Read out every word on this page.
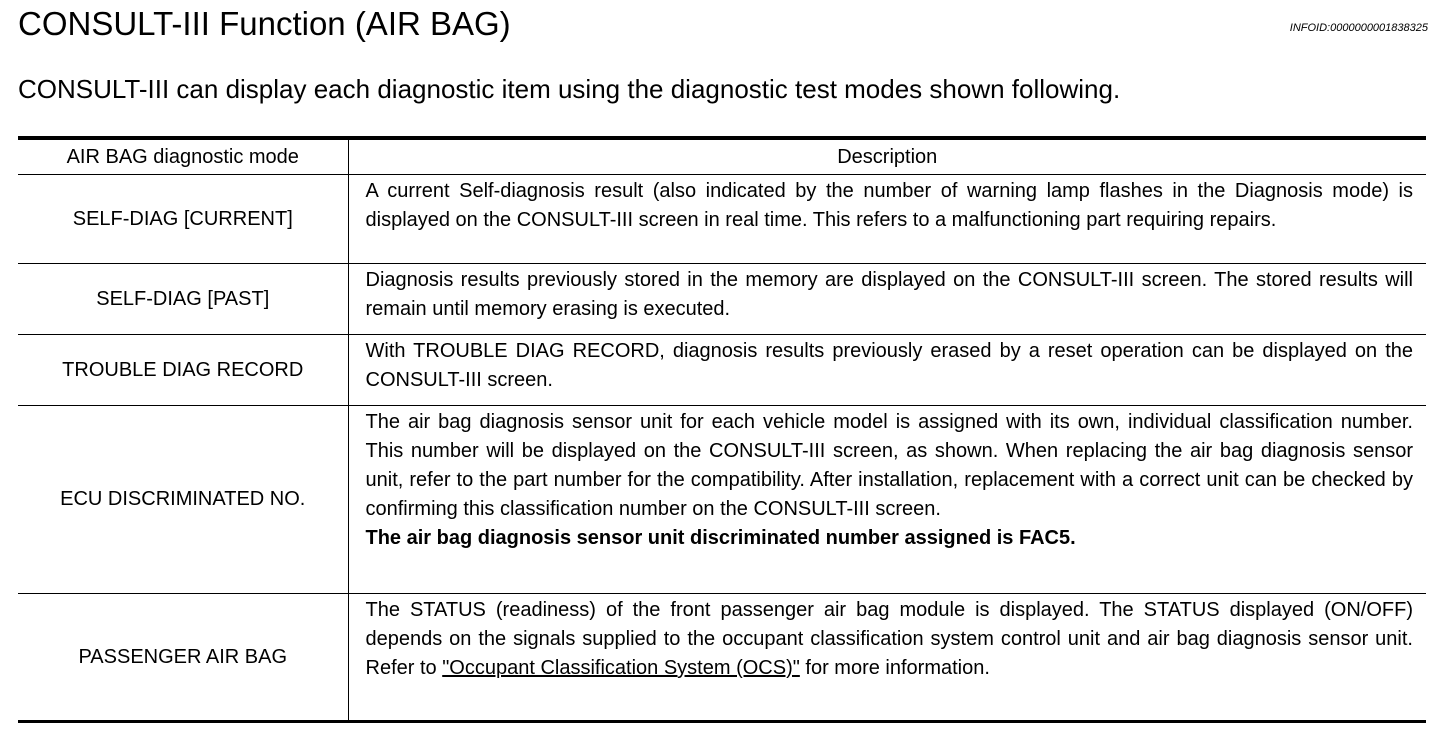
CONSULT-III Function (AIR BAG)	INFOID:0000000001838325
CONSULT-III can display each diagnostic item using the diagnostic test modes shown following.
AIR BAG diagnostic mode	Description
SELF-DIAG [CURRENT]	A current Self-diagnosis result (also indicated by the number of warning lamp flashes in the Diagnosis mode) is displayed on the CONSULT-III screen in real time. This refers to a malfunctioning part requiring repairs.
SELF-DIAG [PAST]	Diagnosis results previously stored in the memory are displayed on the CONSULT-III screen. The stored results will remain until memory erasing is executed.
TROUBLE DIAG RECORD	With TROUBLE DIAG RECORD, diagnosis results previously erased by a reset operation can be displayed on the CONSULT-III screen.
ECU DISCRIMINATED NO.	The air bag diagnosis sensor unit for each vehicle model is assigned with its own, individual classification number. This number will be displayed on the CONSULT-III screen, as shown. When replacing the air bag diagnosis sensor unit, refer to the part number for the compatibility. After installation, replacement with a correct unit can be checked by confirming this classification number on the CONSULT-III screen.
The air bag diagnosis sensor unit discriminated number assigned is FAC5.

PASSENGER AIR BAG	The STATUS (readiness) of the front passenger air bag module is displayed. The STATUS displayed (ON/OFF) depends on the signals supplied to the occupant classification system control unit and air bag diagnosis sensor unit. Refer to "Occupant Classification System (OCS)" for more information.
